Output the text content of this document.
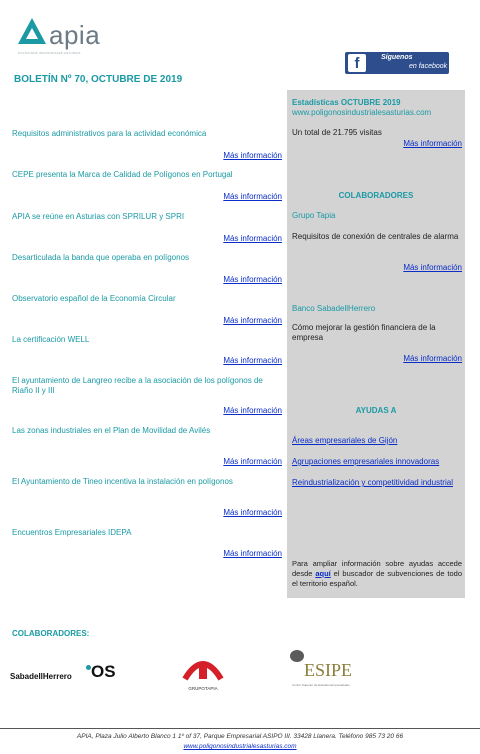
apia
POLÍGONOS INDUSTRIALES ASTURIAS
f	Síguenos
en facebook
BOLETÍN Nº 70, OCTUBRE DE 2019
Requisitos administrativos para la actividad económica
Más información
CEPE presenta la Marca de Calidad de Polígonos en Portugal
Más información
APIA se reúne en Asturias con SPRILUR y SPRI
Más información
Desarticulada la banda que operaba en polígonos
Más información
Observatorio español de la Economía Circular
Más información
La certificación WELL
Más información
El ayuntamiento de Langreo recibe a la asociación de los polígonos de Riaño II y III
Más información
Las zonas industriales en el Plan de Movilidad de Avilés
Más información
El Ayuntamiento de Tineo incentiva la instalación en polígonos
Más información
Encuentros Empresariales IDEPA
Más información
Estadísticas OCTUBRE 2019
www.poligonosindustrialesasturias.com
Un total de 21.795 visitas
Más información
COLABORADORES
Grupo Tapia
Requisitos de conexión de centrales de alarma
Más información
Banco SabadellHerrero
Cómo mejorar la gestión financiera de la empresa
Más información
AYUDAS A
Áreas empresariales de Gijón
Agrupaciones empresariales innovadoras
Reindustrialización y competitividad industrial
Para ampliar información sobre ayudas accede desde aquí el buscador de subvenciones de todo el territorio español.
COLABORADORES:
SabadellHerrero OS
GRUPOTAPIA
ESIPE
Centro Superior de Estudios Empresariales
APIA, Plaza Julio Alberto Blanco 1 1º of 37, Parque Empresarial ASIPO III. 33428 Llanera. Teléfono 985 73 20 66
www.poligonosindustrialesasturias.com
